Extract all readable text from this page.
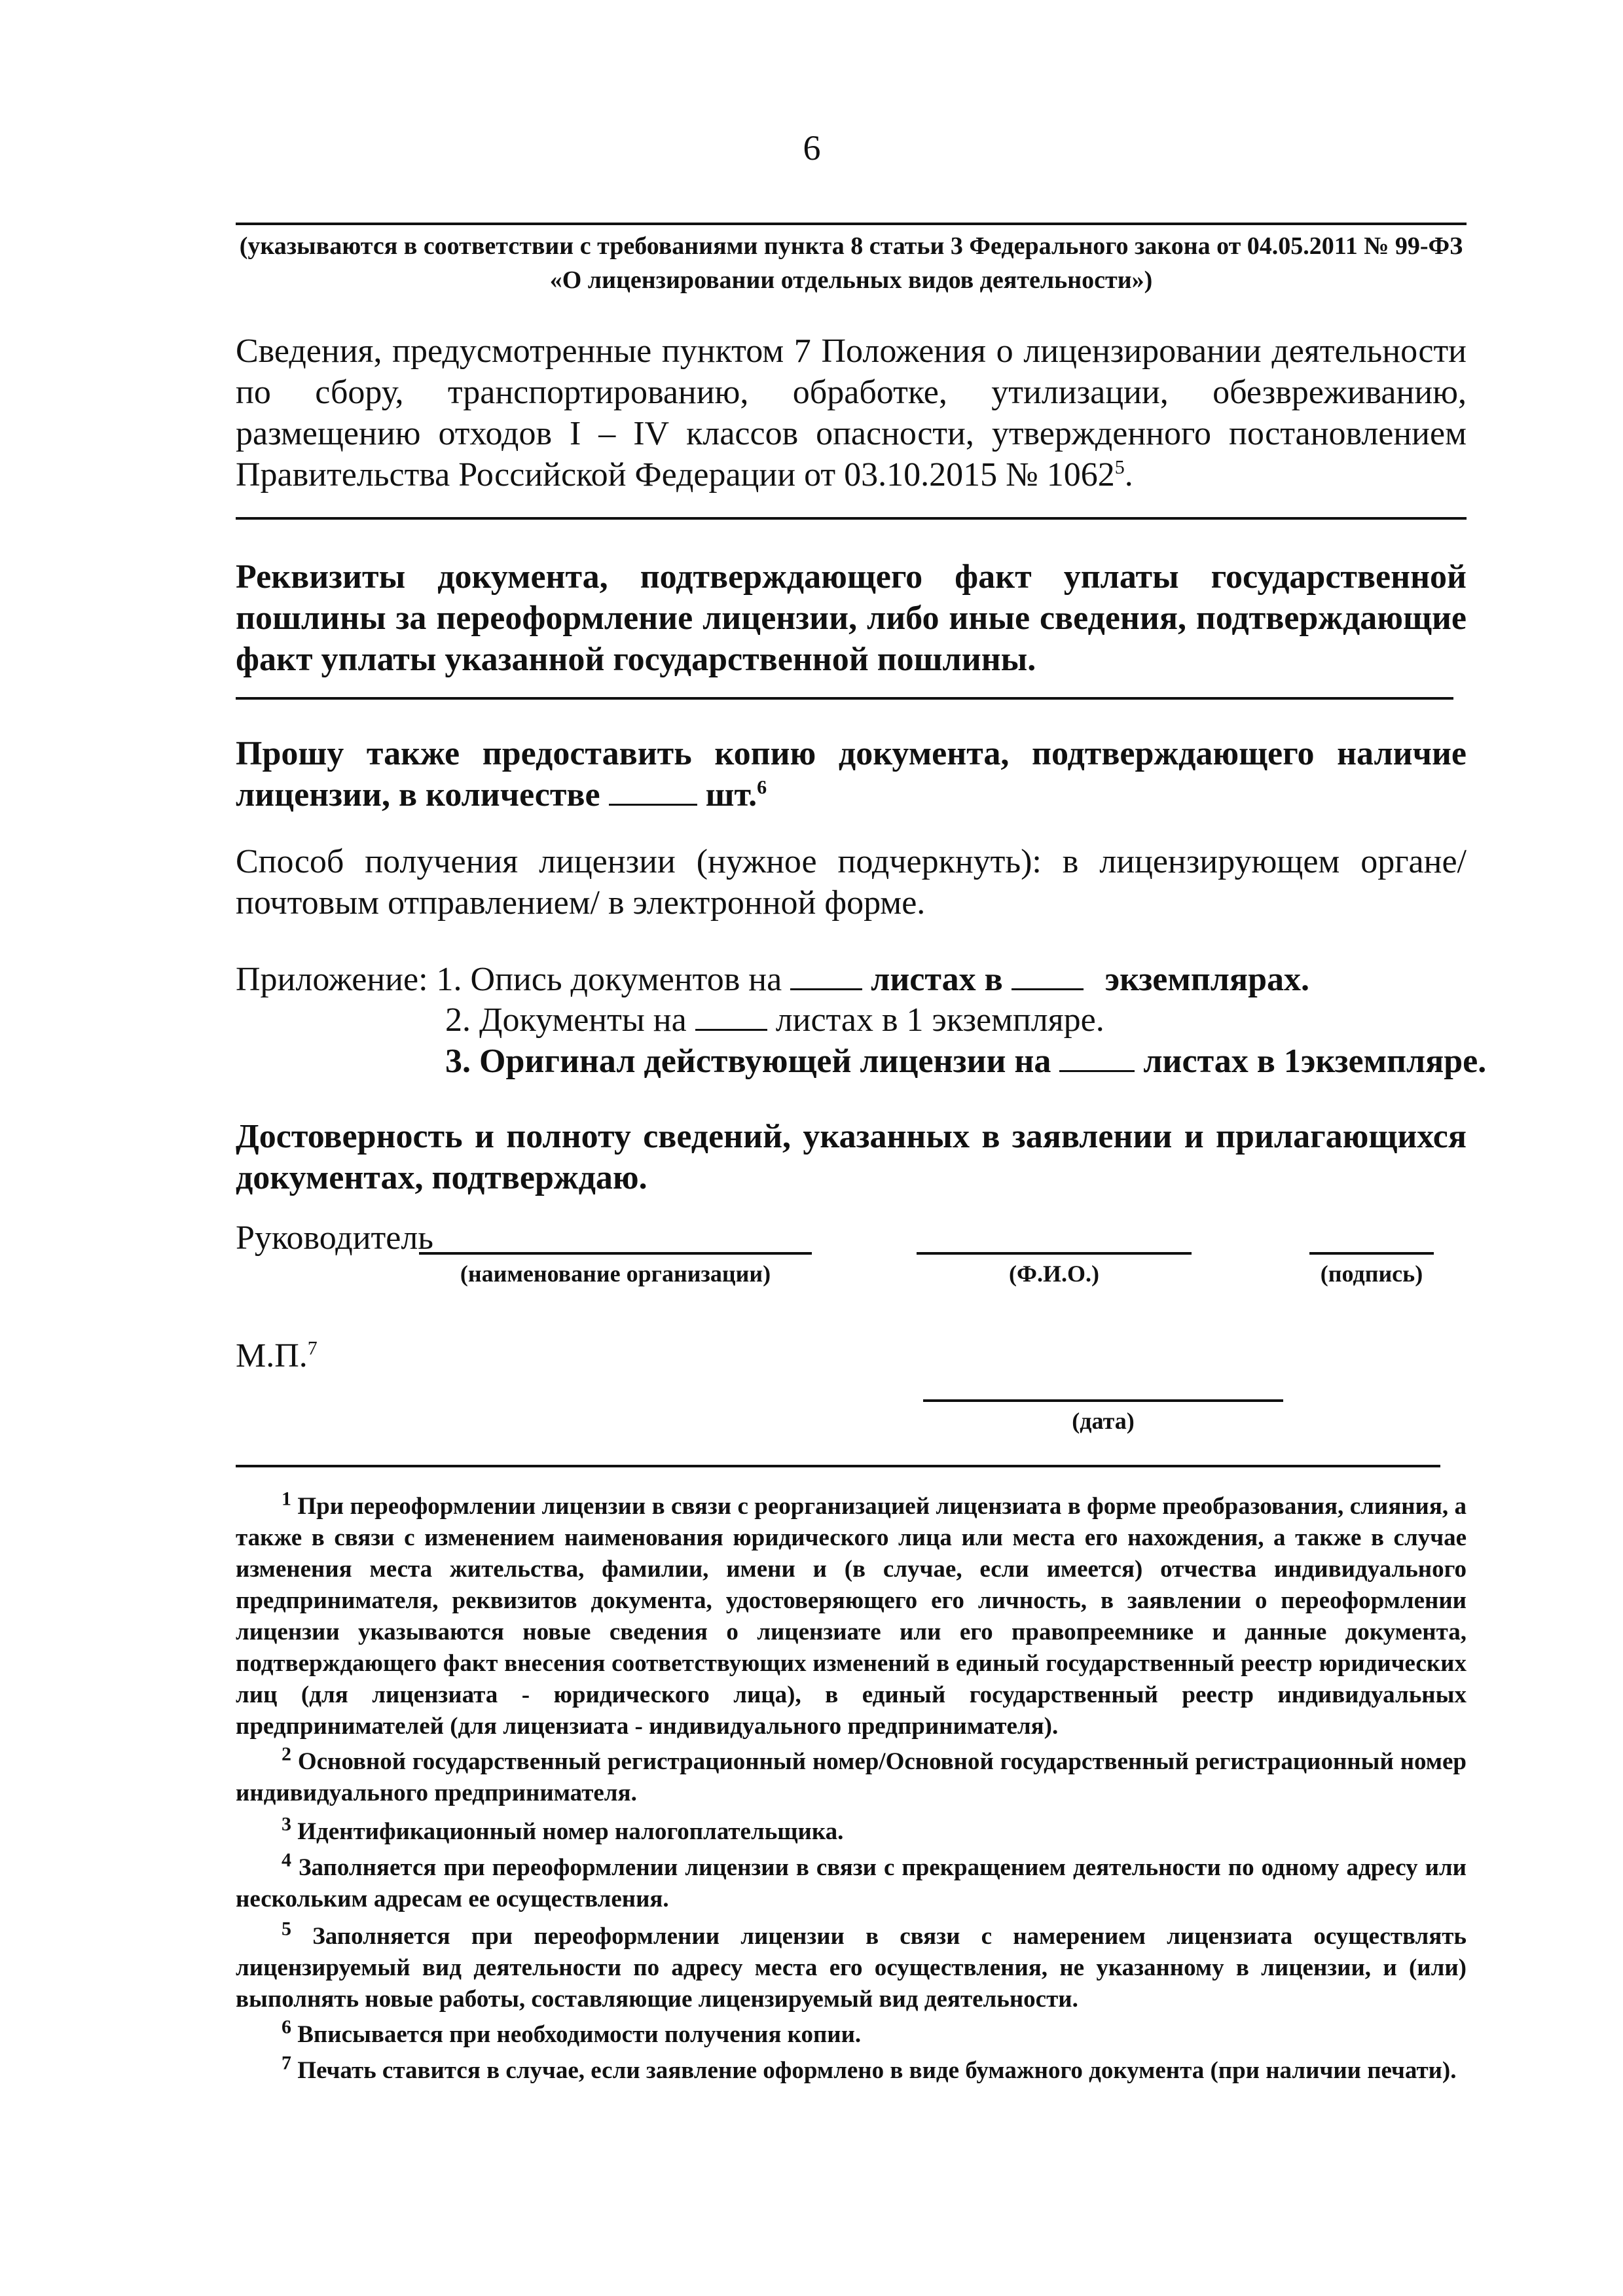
6
(указываются в соответствии с требованиями пункта 8 статьи 3 Федерального закона от 04.05.2011 № 99-ФЗ «О лицензировании отдельных видов деятельности»)
Сведения, предусмотренные пунктом 7 Положения о лицензировании деятельности по сбору, транспортированию, обработке, утилизации, обезвреживанию, размещению отходов I – IV классов опасности, утвержденного постановлением Правительства Российской Федерации от 03.10.2015 № 1062$^5$.
Реквизиты документа, подтверждающего факт уплаты государственной пошлины за переоформление лицензии, либо иные сведения, подтверждающие факт уплаты указанной государственной пошлины.
Прошу также предоставить копию документа, подтверждающего наличие лицензии, в количестве	шт.$^6$
Способ получения лицензии (нужное подчеркнуть): в лицензирующем органе/ почтовым отправлением/ в электронной форме.
Приложение: 1. Опись документов на	листах в	экземплярах.
2. Документы на	листах в 1 экземпляре.
3. Оригинал действующей лицензии на	листах в 1экземпляре.
Достоверность и полноту сведений, указанных в заявлении и прилагающихся документах, подтверждаю.
Руководитель
(наименование организации)	(Ф.И.О.)	(подпись)
М.П.$^7$
(дата)
$^1$ При переоформлении лицензии в связи с реорганизацией лицензиата в форме преобразования, слияния, а также в связи с изменением наименования юридического лица или места его нахождения, а также в случае изменения места жительства, фамилии, имени и (в случае, если имеется) отчества индивидуального предпринимателя, реквизитов документа, удостоверяющего его личность, в заявлении о переоформлении лицензии указываются новые сведения о лицензиате или его правопреемнике и данные документа, подтверждающего факт внесения соответствующих изменений в единый государственный реестр юридических лиц (для лицензиата - юридического лица), в единый государственный реестр индивидуальных предпринимателей (для лицензиата - индивидуального предпринимателя).
$^2$ Основной государственный регистрационный номер/Основной государственный регистрационный номер индивидуального предпринимателя.
$^3$ Идентификационный номер налогоплательщика.
$^4$ Заполняется при переоформлении лицензии в связи с прекращением деятельности по одному адресу или нескольким адресам ее осуществления.
$^5$ Заполняется при переоформлении лицензии в связи с намерением лицензиата осуществлять лицензируемый вид деятельности по адресу места его осуществления, не указанному в лицензии, и (или) выполнять новые работы, составляющие лицензируемый вид деятельности.
$^6$ Вписывается при необходимости получения копии.
$^7$ Печать ставится в случае, если заявление оформлено в виде бумажного документа (при наличии печати).
